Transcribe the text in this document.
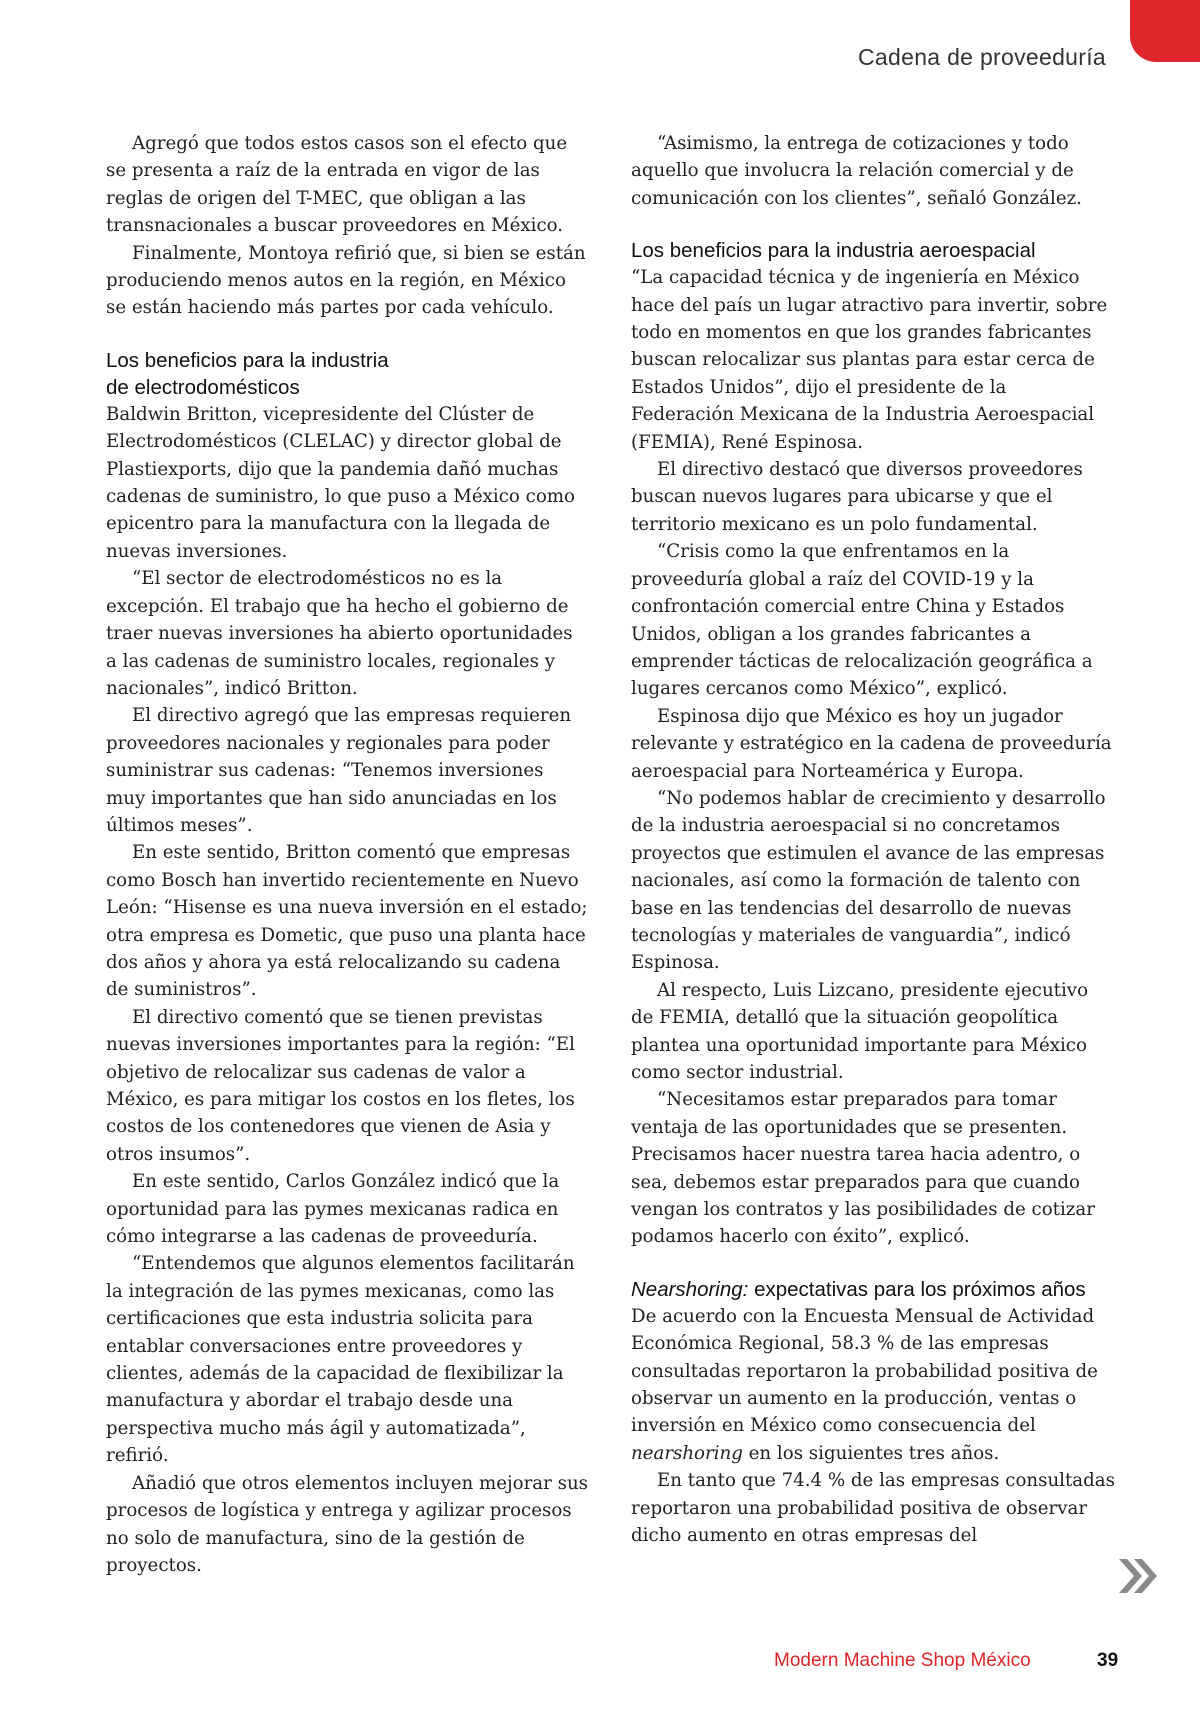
Cadena de proveeduría

Agregó que todos estos casos son el efecto que se presenta a raíz de la entrada en vigor de las reglas de origen del T-MEC, que obligan a las transnacionales a buscar proveedores en México.

Finalmente, Montoya refirió que, si bien se están produciendo menos autos en la región, en México se están haciendo más partes por cada vehículo.

Los beneficios para la industria
de electrodomésticos

Baldwin Britton, vicepresidente del Clúster de Electrodomésticos (CLELAC) y director global de Plastiexports, dijo que la pandemia dañó muchas cadenas de suministro, lo que puso a México como epicentro para la manufactura con la llegada de nuevas inversiones.

“El sector de electrodomésticos no es la excepción. El trabajo que ha hecho el gobierno de traer nuevas inversiones ha abierto oportunidades a las cadenas de suministro locales, regionales y nacionales”, indicó Britton.

El directivo agregó que las empresas requieren proveedores nacionales y regionales para poder suministrar sus cadenas: “Tenemos inversiones muy importantes que han sido anunciadas en los últimos meses”.

En este sentido, Britton comentó que empresas como Bosch han invertido recientemente en Nuevo León: “Hisense es una nueva inversión en el estado; otra empresa es Dometic, que puso una planta hace dos años y ahora ya está relocalizando su cadena de suministros”.

El directivo comentó que se tienen previstas nuevas inversiones importantes para la región: “El objetivo de relocalizar sus cadenas de valor a México, es para mitigar los costos en los fletes, los costos de los contenedores que vienen de Asia y otros insumos”.

En este sentido, Carlos González indicó que la oportunidad para las pymes mexicanas radica en cómo integrarse a las cadenas de proveeduría.

“Entendemos que algunos elementos facilitarán la integración de las pymes mexicanas, como las certificaciones que esta industria solicita para entablar conversaciones entre proveedores y clientes, además de la capacidad de flexibilizar la manufactura y abordar el trabajo desde una perspectiva mucho más ágil y automatizada”, refirió.

Añadió que otros elementos incluyen mejorar sus procesos de logística y entrega y agilizar procesos no solo de manufactura, sino de la gestión de proyectos.

“Asimismo, la entrega de cotizaciones y todo aquello que involucra la relación comercial y de comunicación con los clientes”, señaló González.

Los beneficios para la industria aeroespacial

“La capacidad técnica y de ingeniería en México hace del país un lugar atractivo para invertir, sobre todo en momentos en que los grandes fabricantes buscan relocalizar sus plantas para estar cerca de Estados Unidos”, dijo el presidente de la Federación Mexicana de la Industria Aeroespacial (FEMIA), René Espinosa.

El directivo destacó que diversos proveedores buscan nuevos lugares para ubicarse y que el territorio mexicano es un polo fundamental.

“Crisis como la que enfrentamos en la proveeduría global a raíz del COVID-19 y la confrontación comercial entre China y Estados Unidos, obligan a los grandes fabricantes a emprender tácticas de relocalización geográfica a lugares cercanos como México”, explicó.

Espinosa dijo que México es hoy un jugador relevante y estratégico en la cadena de proveeduría aeroespacial para Norteamérica y Europa.

“No podemos hablar de crecimiento y desarrollo de la industria aeroespacial si no concretamos proyectos que estimulen el avance de las empresas nacionales, así como la formación de talento con base en las tendencias del desarrollo de nuevas tecnologías y materiales de vanguardia”, indicó Espinosa.

Al respecto, Luis Lizcano, presidente ejecutivo de FEMIA, detalló que la situación geopolítica plantea una oportunidad importante para México como sector industrial.

“Necesitamos estar preparados para tomar ventaja de las oportunidades que se presenten. Precisamos hacer nuestra tarea hacia adentro, o sea, debemos estar preparados para que cuando vengan los contratos y las posibilidades de cotizar podamos hacerlo con éxito”, explicó.

Nearshoring: expectativas para los próximos años

De acuerdo con la Encuesta Mensual de Actividad Económica Regional, 58.3 % de las empresas consultadas reportaron la probabilidad positiva de observar un aumento en la producción, ventas o inversión en México como consecuencia del nearshoring en los siguientes tres años.

En tanto que 74.4 % de las empresas consultadas reportaron una probabilidad positiva de observar dicho aumento en otras empresas del

Modern Machine Shop México	39
